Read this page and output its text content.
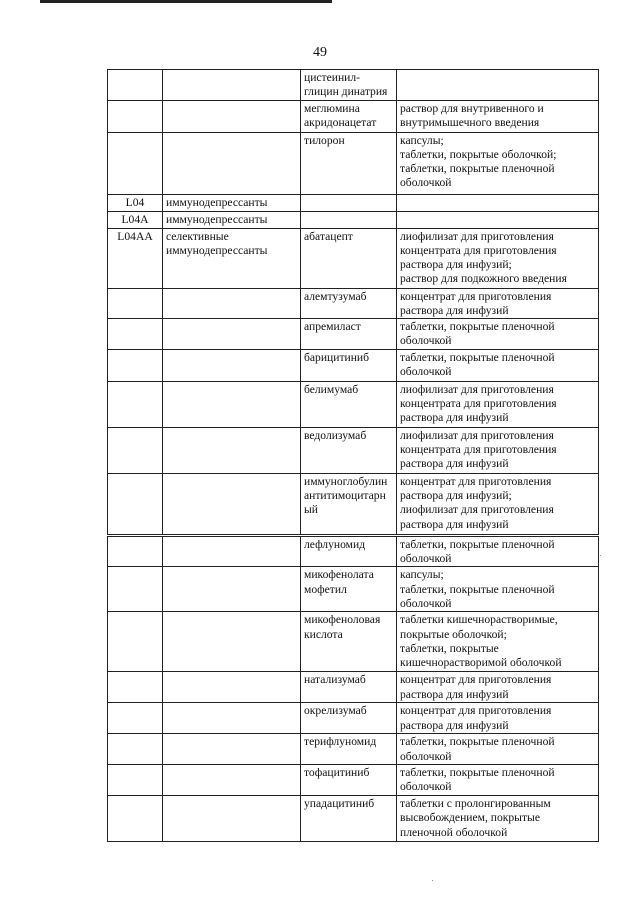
49
		цистеинил-
глицин динатрия	
		меглюмина
акридонацетат	раствор для внутривенного и
внутримышечного введения
		тилорон	капсулы;
таблетки, покрытые оболочкой;
таблетки, покрытые пленочной
оболочкой
L04	иммунодепрессанты		
L04A	иммунодепрессанты		
L04AA	селективные
иммунодепрессанты	абатацепт	лиофилизат для приготовления
концентрата для приготовления
раствора для инфузий;
раствор для подкожного введения
		алемтузумаб	концентрат для приготовления
раствора для инфузий
		апремиласт	таблетки, покрытые пленочной
оболочкой
		барицитиниб	таблетки, покрытые пленочной
оболочкой
		белимумаб	лиофилизат для приготовления
концентрата для приготовления
раствора для инфузий
		ведолизумаб	лиофилизат для приготовления
концентрата для приготовления
раствора для инфузий
		иммуноглобулин
антитимоцитарн
ый	концентрат для приготовления
раствора для инфузий;
лиофилизат для приготовления
раствора для инфузий

		лефлуномид	таблетки, покрытые пленочной
оболочкой
		микофенолата
мофетил	капсулы;
таблетки, покрытые пленочной
оболочкой
		микофеноловая
кислота	таблетки кишечнорастворимые,
покрытые оболочкой;
таблетки, покрытые
кишечнорастворимой оболочкой
		натализумаб	концентрат для приготовления
раствора для инфузий
		окрелизумаб	концентрат для приготовления
раствора для инфузий
		терифлуномид	таблетки, покрытые пленочной
оболочкой
		тофацитиниб	таблетки, покрытые пленочной
оболочкой
		упадацитиниб	таблетки с пролонгированным
высвобождением, покрытые
пленочной оболочкой
